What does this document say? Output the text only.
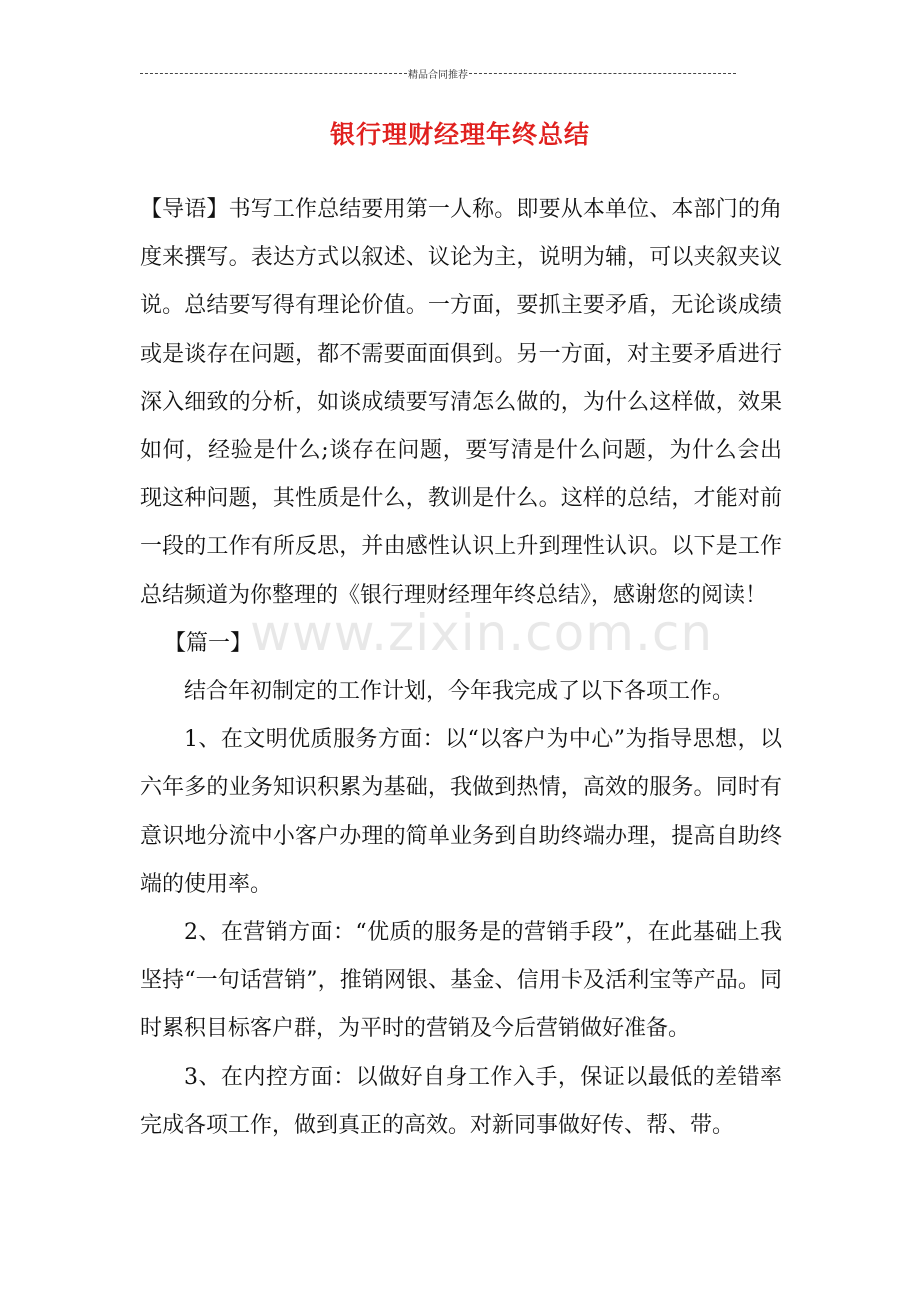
精品合同推荐
银行理财经理年终总结

【导语】书写工作总结要用第一人称。即要从本单位、本部门的角度来撰写。表达方式以叙述、议论为主，说明为辅，可以夹叙夹议说。总结要写得有理论价值。一方面，要抓主要矛盾，无论谈成绩或是谈存在问题，都不需要面面俱到。另一方面，对主要矛盾进行深入细致的分析，如谈成绩要写清怎么做的，为什么这样做，效果如何，经验是什么;谈存在问题，要写清是什么问题，为什么会出现这种问题，其性质是什么，教训是什么。这样的总结，才能对前一段的工作有所反思，并由感性认识上升到理性认识。以下是工作总结频道为你整理的《银行理财经理年终总结》，感谢您的阅读！

【篇一】

结合年初制定的工作计划，今年我完成了以下各项工作。

1、在文明优质服务方面：以“以客户为中心”为指导思想，以六年多的业务知识积累为基础，我做到热情，高效的服务。同时有意识地分流中小客户办理的简单业务到自助终端办理，提高自助终端的使用率。

2、在营销方面：“优质的服务是的营销手段”，在此基础上我坚持“一句话营销”，推销网银、基金、信用卡及活利宝等产品。同时累积目标客户群，为平时的营销及今后营销做好准备。

3、在内控方面：以做好自身工作入手，保证以最低的差错率完成各项工作，做到真正的高效。对新同事做好传、帮、带。

www.zixin.com.cn
